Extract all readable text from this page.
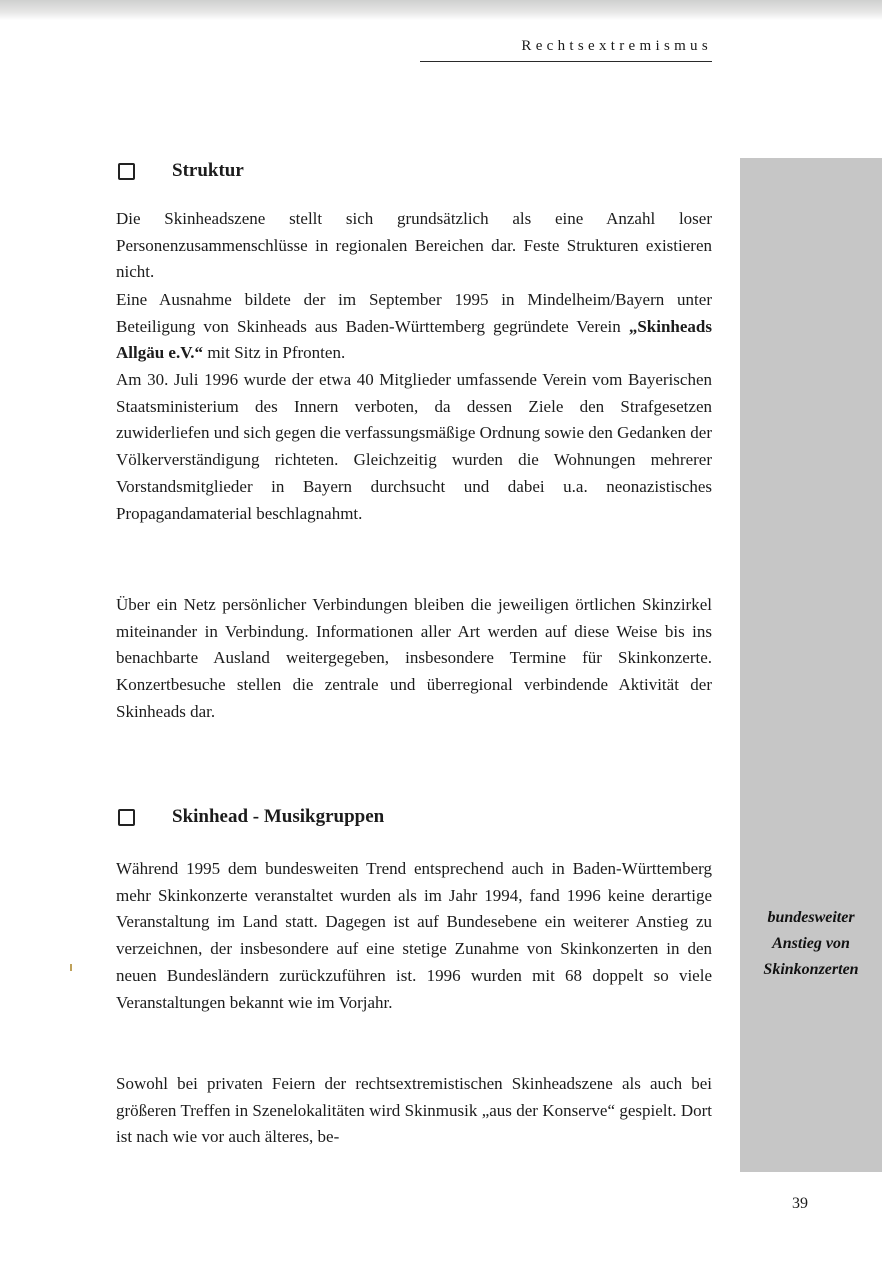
Rechtsextremismus
bundesweiter
Anstieg von
Skinkonzerten
Struktur
Die Skinheadszene stellt sich grundsätzlich als eine Anzahl loser Personenzusammenschlüsse in regionalen Bereichen dar. Feste Strukturen existieren nicht.
Eine Ausnahme bildete der im September 1995 in Mindelheim/Bayern unter Beteiligung von Skinheads aus Baden-Württemberg gegründete Verein „Skinheads Allgäu e.V.“ mit Sitz in Pfronten.
Am 30. Juli 1996 wurde der etwa 40 Mitglieder umfassende Verein vom Bayerischen Staatsministerium des Innern verboten, da dessen Ziele den Strafgesetzen zuwiderliefen und sich gegen die verfassungsmäßige Ordnung sowie den Gedanken der Völkerverständigung richteten. Gleichzeitig wurden die Wohnungen mehrerer Vorstandsmitglieder in Bayern durchsucht und dabei u.a. neonazistisches Propagandamaterial beschlagnahmt.
Über ein Netz persönlicher Verbindungen bleiben die jeweiligen örtlichen Skinzirkel miteinander in Verbindung. Informationen aller Art werden auf diese Weise bis ins benachbarte Ausland weitergegeben, insbesondere Termine für Skinkonzerte. Konzertbesuche stellen die zentrale und überregional verbindende Aktivität der Skinheads dar.
Skinhead - Musikgruppen
Während 1995 dem bundesweiten Trend entsprechend auch in Baden-Württemberg mehr Skinkonzerte veranstaltet wurden als im Jahr 1994, fand 1996 keine derartige Veranstaltung im Land statt. Dagegen ist auf Bundesebene ein weiterer Anstieg zu verzeichnen, der insbesondere auf eine stetige Zunahme von Skinkonzerten in den neuen Bundesländern zurückzuführen ist. 1996 wurden mit 68 doppelt so viele Veranstaltungen bekannt wie im Vorjahr.
Sowohl bei privaten Feiern der rechtsextremistischen Skinheadszene als auch bei größeren Treffen in Szenelokalitäten wird Skinmusik „aus der Konserve“ gespielt. Dort ist nach wie vor auch älteres, be-
39
